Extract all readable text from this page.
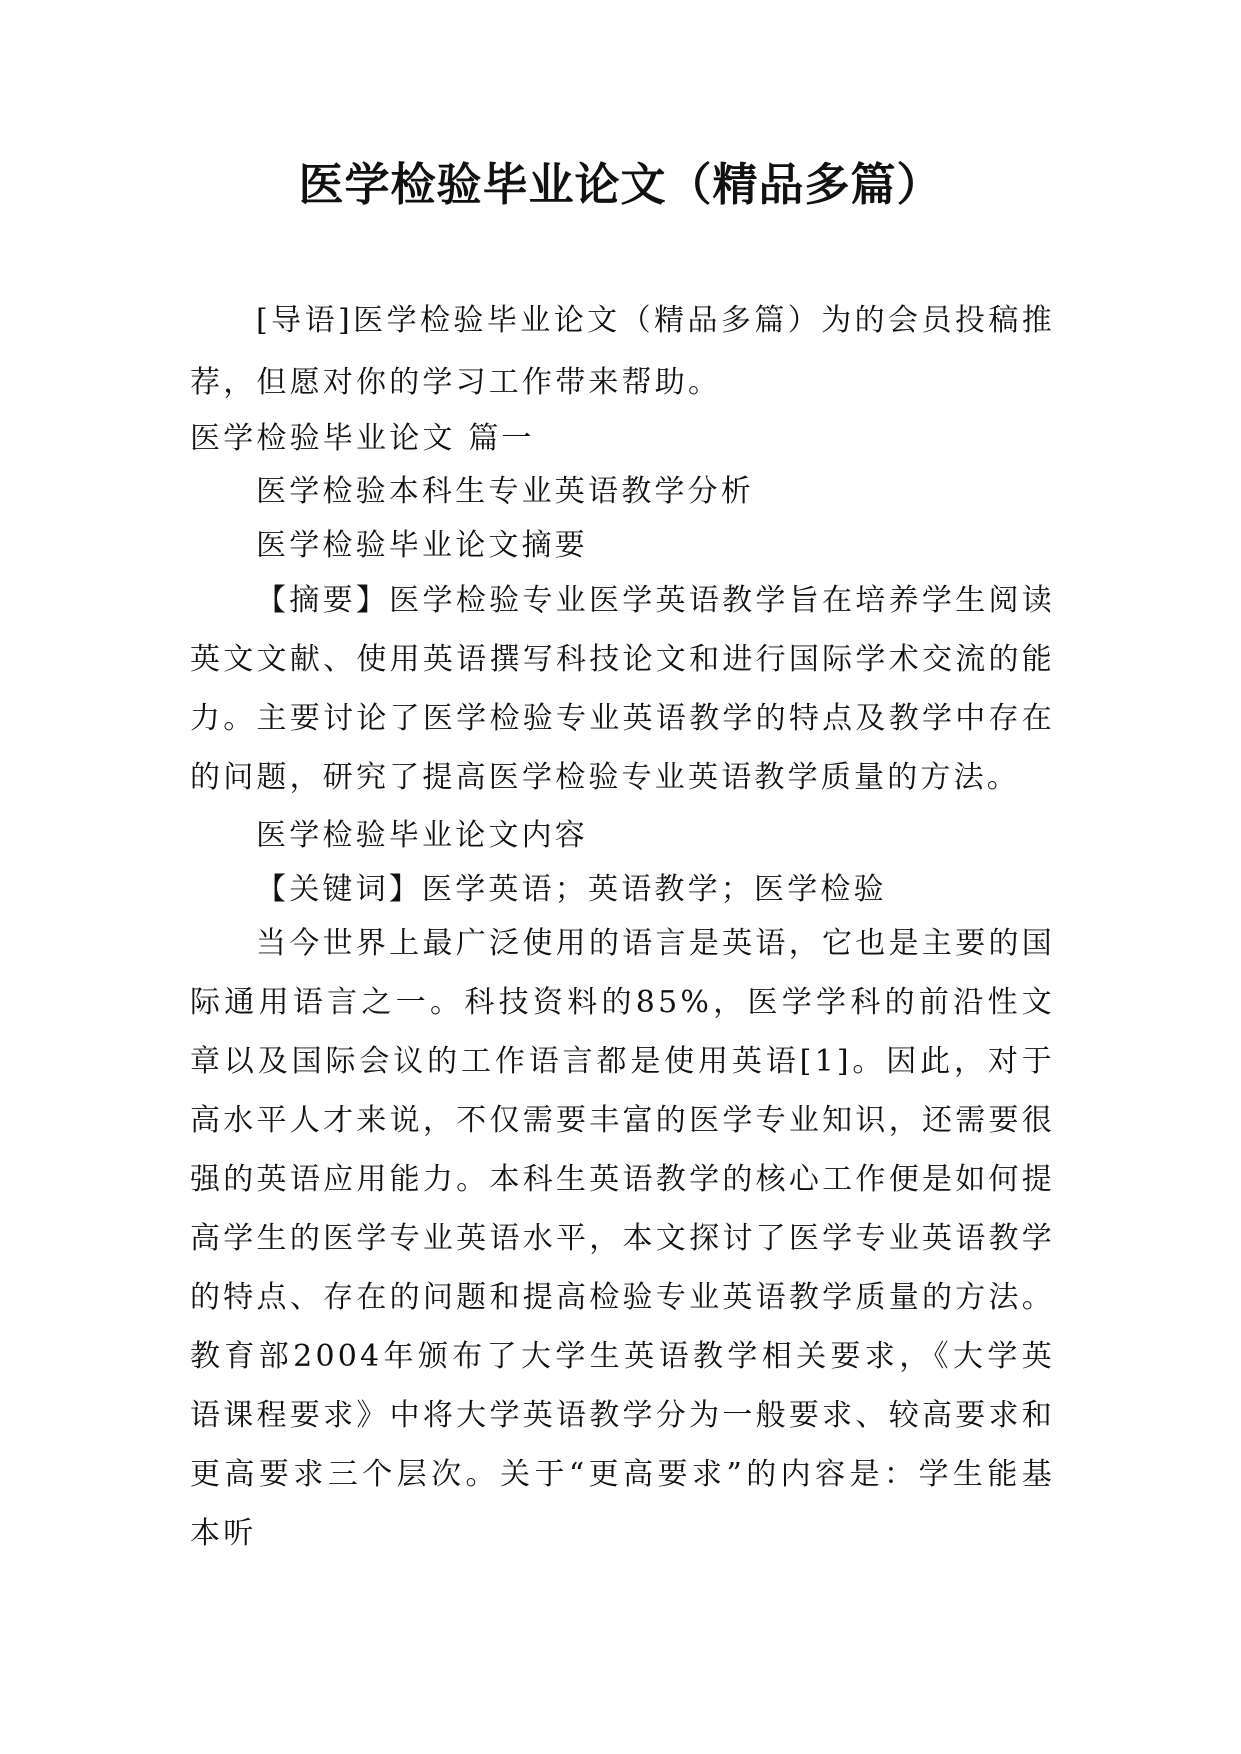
医学检验毕业论文（精品多篇）

[导语]医学检验毕业论文（精品多篇）为的会员投稿推荐，但愿对你的学习工作带来帮助。

医学检验毕业论文 篇一

医学检验本科生专业英语教学分析

医学检验毕业论文摘要

【摘要】医学检验专业医学英语教学旨在培养学生阅读英文文献、使用英语撰写科技论文和进行国际学术交流的能力。主要讨论了医学检验专业英语教学的特点及教学中存在的问题，研究了提高医学检验专业英语教学质量的方法。

医学检验毕业论文内容

【关键词】医学英语；英语教学；医学检验

当今世界上最广泛使用的语言是英语，它也是主要的国际通用语言之一。科技资料的85%，医学学科的前沿性文章以及国际会议的工作语言都是使用英语[1]。因此，对于高水平人才来说，不仅需要丰富的医学专业知识，还需要很强的英语应用能力。本科生英语教学的核心工作便是如何提高学生的医学专业英语水平，本文探讨了医学专业英语教学的特点、存在的问题和提高检验专业英语教学质量的方法。教育部2004年颁布了大学生英语教学相关要求，《大学英语课程要求》中将大学英语教学分为一般要求、较高要求和更高要求三个层次。关于“更高要求”的内容是：学生能基本听
